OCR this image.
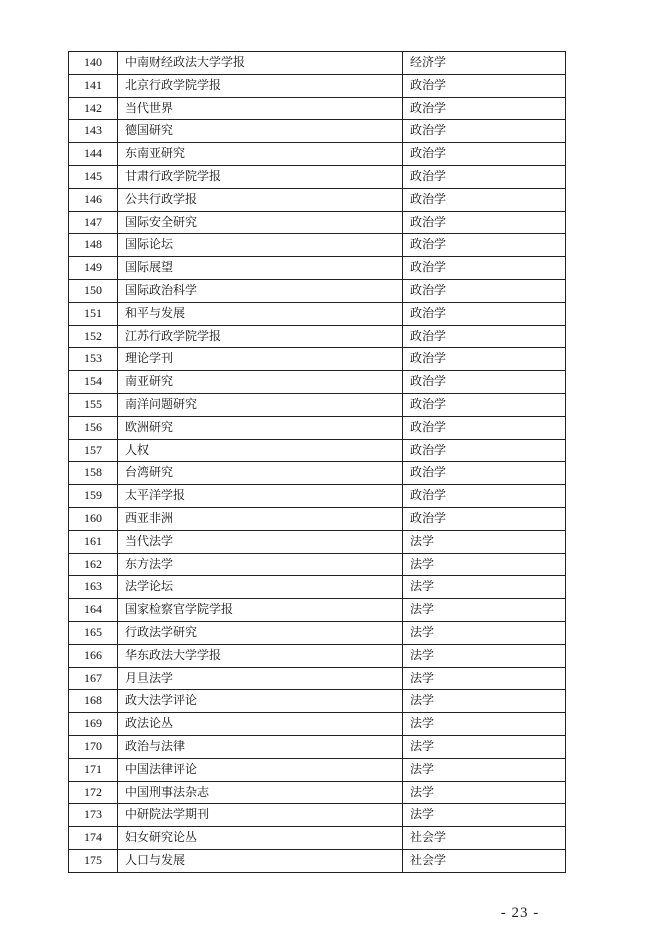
140	中南财经政法大学学报	经济学
141	北京行政学院学报	政治学
142	当代世界	政治学
143	德国研究	政治学
144	东南亚研究	政治学
145	甘肃行政学院学报	政治学
146	公共行政学报	政治学
147	国际安全研究	政治学
148	国际论坛	政治学
149	国际展望	政治学
150	国际政治科学	政治学
151	和平与发展	政治学
152	江苏行政学院学报	政治学
153	理论学刊	政治学
154	南亚研究	政治学
155	南洋问题研究	政治学
156	欧洲研究	政治学
157	人权	政治学
158	台湾研究	政治学
159	太平洋学报	政治学
160	西亚非洲	政治学
161	当代法学	法学
162	东方法学	法学
163	法学论坛	法学
164	国家检察官学院学报	法学
165	行政法学研究	法学
166	华东政法大学学报	法学
167	月旦法学	法学
168	政大法学评论	法学
169	政法论丛	法学
170	政治与法律	法学
171	中国法律评论	法学
172	中国刑事法杂志	法学
173	中研院法学期刊	法学
174	妇女研究论丛	社会学
175	人口与发展	社会学
- 23 -
